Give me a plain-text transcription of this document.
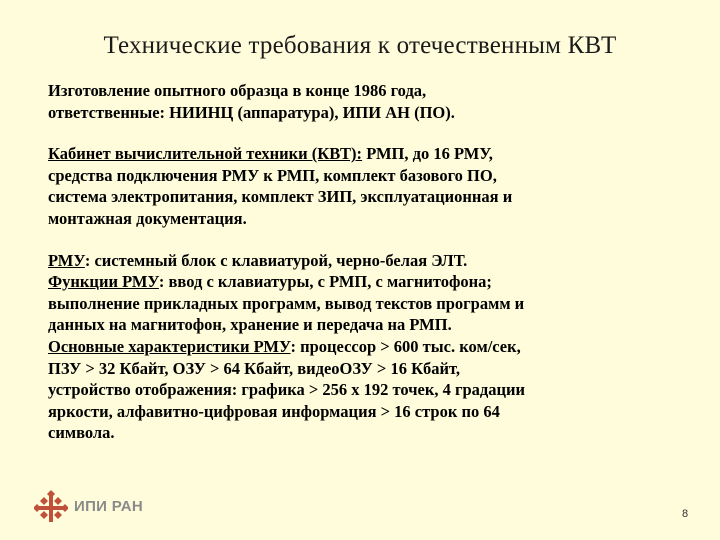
Технические требования к отечественным КВТ
Изготовление опытного образца в конце 1986 года,
ответственные: НИИНЦ (аппаратура), ИПИ АН (ПО).
Кабинет вычислительной техники (КВТ): РМП, до 16 РМУ,
средства подключения РМУ к РМП, комплект базового ПО,
система электропитания, комплект ЗИП, эксплуатационная и
монтажная документация.
РМУ: системный блок с клавиатурой, черно-белая ЭЛТ.
Функции РМУ: ввод с клавиатуры, с РМП, с магнитофона;
выполнение прикладных программ, вывод текстов программ и
данных на магнитофон, хранение и передача на РМП.
Основные характеристики РМУ: процессор > 600 тыс. ком/сек,
ПЗУ > 32 Кбайт, ОЗУ > 64 Кбайт, видеоОЗУ > 16 Кбайт,
устройство отображения: графика > 256 x 192 точек, 4 градации
яркости, алфавитно-цифровая информация > 16 строк по 64
символа.
ИПИ РАН	8
